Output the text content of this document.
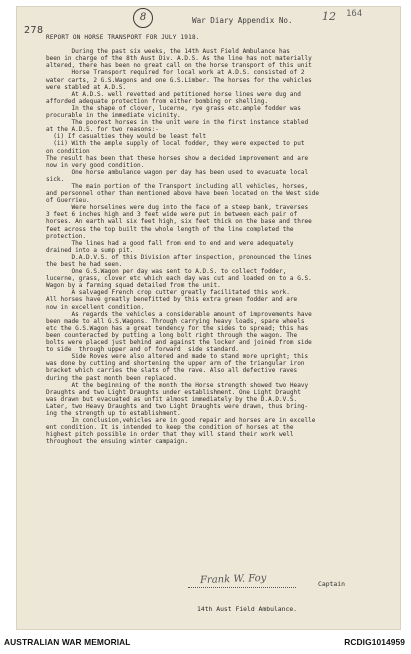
278
8	War Diary Appendix No.	12 164
REPORT ON HORSE TRANSPORT FOR JULY 1918.
During the past six weeks, the 14th Aust Field Ambulance has
been in charge of the 8th Aust Div. A.D.S. As the line has not materially
altered, there has been no great call on the horse transport of this unit
Horse Transport required for local work at A.D.S. consisted of 2
water carts, 2 G.S.Wagons and one G.S.Limber. The horses for the vehicles
were stabled at A.D.S.
At A.D.S. well revetted and petitioned horse lines were dug and
afforded adequate protection from either bombing or shelling.
In the shape of clover, lucerne, rye grass etc.ample fodder was
procurable in the immediate vicinity.
The poorest horses in the unit were in the first instance stabled
at the A.D.S. for two reasons:-
(i) If casualties they would be least felt
(ii) With the ample supply of local fodder, they were expected to put
on condition
The result has been that these horses show a decided improvement and are
now in very good condition.
One horse ambulance wagon per day has been used to evacuate local
sick.
The main portion of the Transport including all vehicles, horses,
and personnel other than mentioned above have been located on the West side
of Guerrieu.
Were horselines were dug into the face of a steep bank, traverses
3 feet 6 inches high and 3 feet wide were put in between each pair of
horses. An earth wall six feet high, six feet thick on the base and three
feet across the top built the whole length of the line completed the
protection.
The lines had a good fall from end to end and were adequately
drained into a sump pit.
D.A.D.V.S. of this Division after inspection, pronounced the lines
the best he had seen.
One G.S.Wagon per day was sent to A.D.S. to collect fodder,
lucerne, grass, clover etc which each day was cut and loaded on to a G.S.
Wagon by a farming squad detailed from the unit.
A salvaged French crop cutter greatly facilitated this work.
All horses have greatly benefitted by this extra green fodder and are
now in excellent condition.
As regards the vehicles a considerable amount of improvements have
been made to all G.S.Wagons. Through carrying heavy loads, spare wheels
etc the G.S.Wagon has a great tendency for the sides to spread; this has
been counteracted by putting a long bolt right through the wagon. The
bolts were placed just behind and against the locker and joined from side
to side  through upper and of forward  side standard.
Side Roves were also altered and made to stand more upright; this
was done by cutting and shortening the upper arm of the triangular iron
bracket which carries the slats of the rave. Also all defective raves
during the past month been replaced.
At the beginning of the month the Horse strength showed two Heavy
Draughts and two Light Draughts under establishment. One Light Draught
was drawn but evacuated as unfit almost immediately by the D.A.D.V.S.
Later, two Heavy Draughts and two Light Draughts were drawn, thus bring-
ing the strength up to establishment.
In conclusion,vehicles are in good repair and horses are in excelle
ent condition. It is intended to keep the condition of horses at the
highest pitch possible in order that they will stand their work well
throughout the ensuing winter campaign.
Frank W. Foy	Captain
14th Aust Field Ambulance.
AUSTRALIAN WAR MEMORIAL	RCDIG1014959
